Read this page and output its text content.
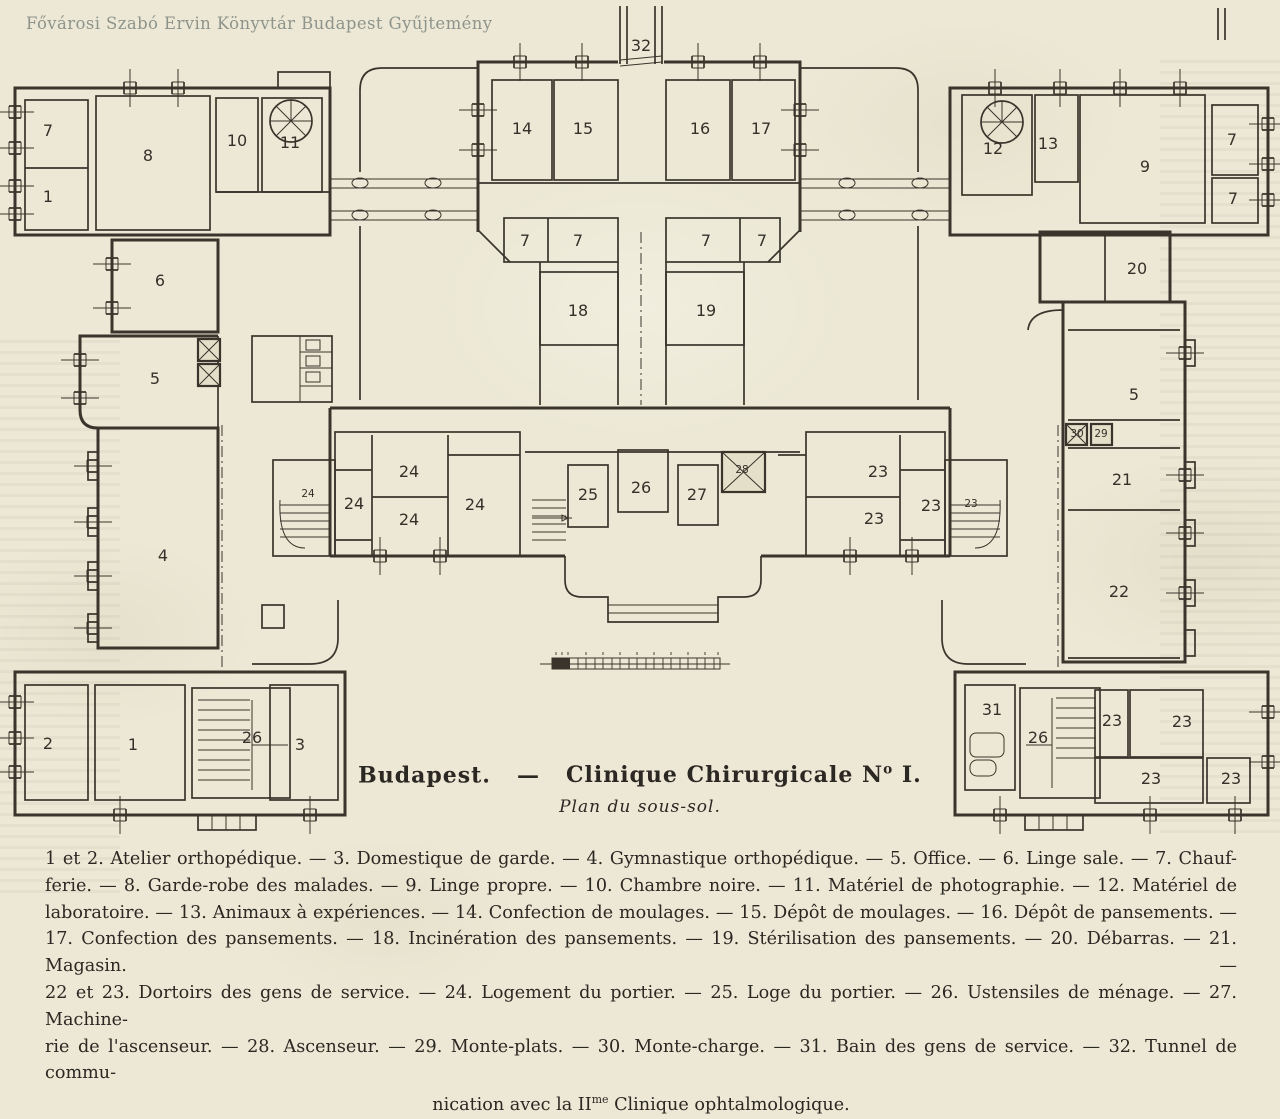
Fővárosi Szabó Ervin Könyvtár Budapest Gyűjtemény
7
1
8
10 11
6
5
4
2	1	26 3
32
14	15	16	17
7	7	7	7
18	19
24
24
24
24
24
25 26 27
28	23
23
23
23
12 13
9
7
7
20
5
30 29
21
22
31
26
23	23
23	23
Budapest. — Clinique Chirurgicale $N^o$ I.
Plan du sous-sol.
1 et 2. Atelier orthopédique. — 3. Domestique de garde. — 4. Gymnastique orthopédique. — 5. Office. — 6. Linge sale. — 7. Chauf-
ferie. — 8. Garde-robe des malades. — 9. Linge propre. — 10. Chambre noire. — 11. Matériel de photographie. — 12. Matériel de
laboratoire. — 13. Animaux à expériences. — 14. Confection de moulages. — 15. Dépôt de moulages. — 16. Dépôt de pansements. —
17. Confection des pansements. — 18. Incinération des pansements. — 19. Stérilisation des pansements. — 20. Débarras. — 21. Magasin. —
22 et 23. Dortoirs des gens de service. — 24. Logement du portier. — 25. Loge du portier. — 26. Ustensiles de ménage. — 27. Machine-
rie de l'ascenseur. — 28. Ascenseur. — 29. Monte-plats. — 30. Monte-charge. — 31. Bain des gens de service. — 32. Tunnel de commu-
nication avec la $II^{me}$ Clinique ophtalmologique.
